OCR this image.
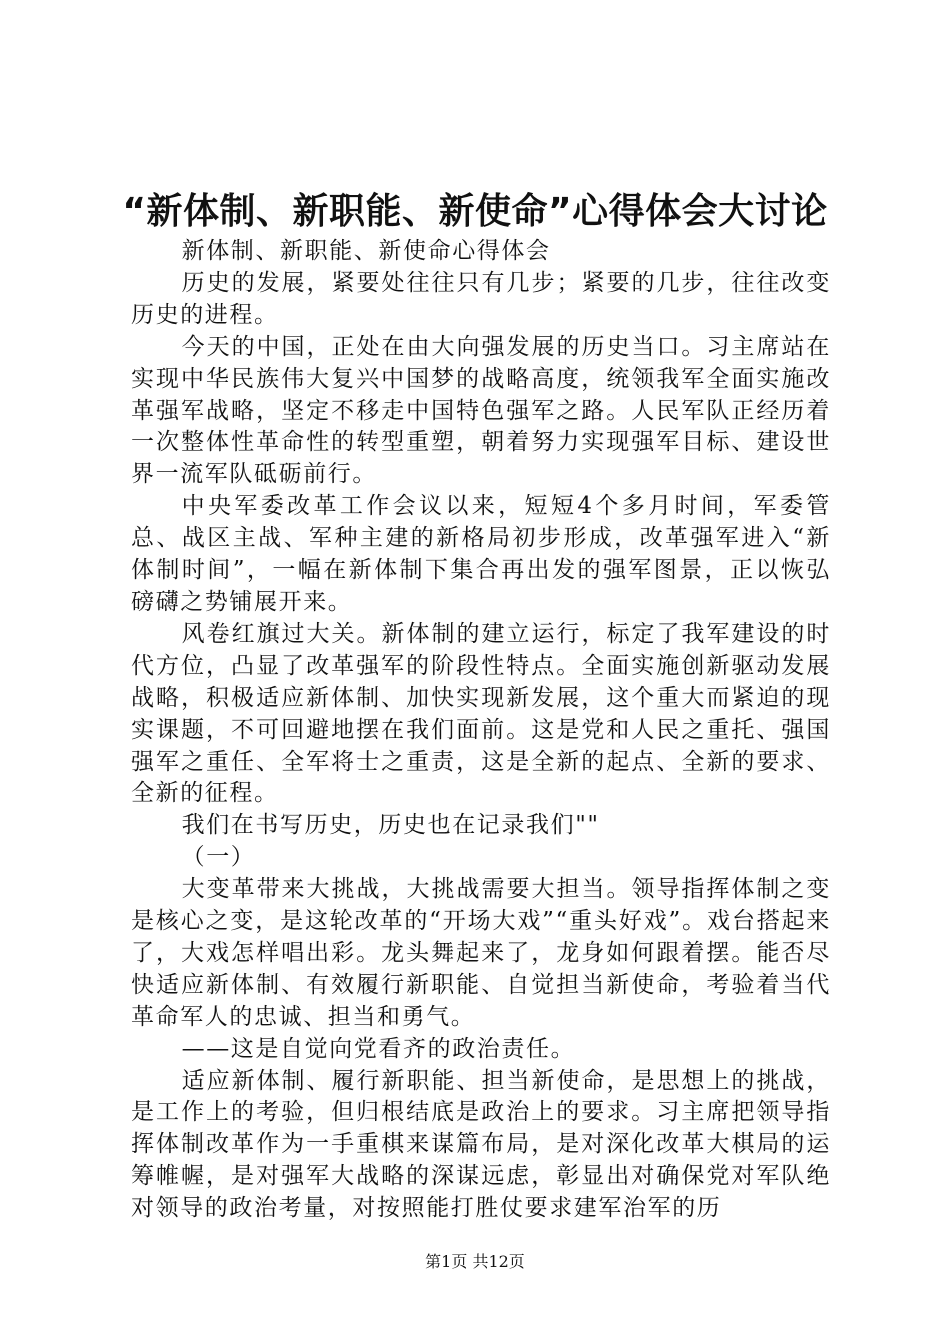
“新体制、新职能、新使命”心得体会大讨论

新体制、新职能、新使命心得体会

历史的发展，紧要处往往只有几步；紧要的几步，往往改变历史的进程。

今天的中国，正处在由大向强发展的历史当口。习主席站在实现中华民族伟大复兴中国梦的战略高度，统领我军全面实施改革强军战略，坚定不移走中国特色强军之路。人民军队正经历着一次整体性革命性的转型重塑，朝着努力实现强军目标、建设世界一流军队砥砺前行。

中央军委改革工作会议以来，短短4个多月时间，军委管总、战区主战、军种主建的新格局初步形成，改革强军进入“新体制时间”，一幅在新体制下集合再出发的强军图景，正以恢弘磅礴之势铺展开来。

风卷红旗过大关。新体制的建立运行，标定了我军建设的时代方位，凸显了改革强军的阶段性特点。全面实施创新驱动发展战略，积极适应新体制、加快实现新发展，这个重大而紧迫的现实课题，不可回避地摆在我们面前。这是党和人民之重托、强国强军之重任、全军将士之重责，这是全新的起点、全新的要求、全新的征程。

我们在书写历史，历史也在记录我们""

（一）

大变革带来大挑战，大挑战需要大担当。领导指挥体制之变是核心之变，是这轮改革的“开场大戏”“重头好戏”。戏台搭起来了，大戏怎样唱出彩。龙头舞起来了，龙身如何跟着摆。能否尽快适应新体制、有效履行新职能、自觉担当新使命，考验着当代革命军人的忠诚、担当和勇气。

——这是自觉向党看齐的政治责任。

适应新体制、履行新职能、担当新使命，是思想上的挑战，是工作上的考验，但归根结底是政治上的要求。习主席把领导指挥体制改革作为一手重棋来谋篇布局，是对深化改革大棋局的运筹帷幄，是对强军大战略的深谋远虑，彰显出对确保党对军队绝对领导的政治考量，对按照能打胜仗要求建军治军的历

第1页 共12页
